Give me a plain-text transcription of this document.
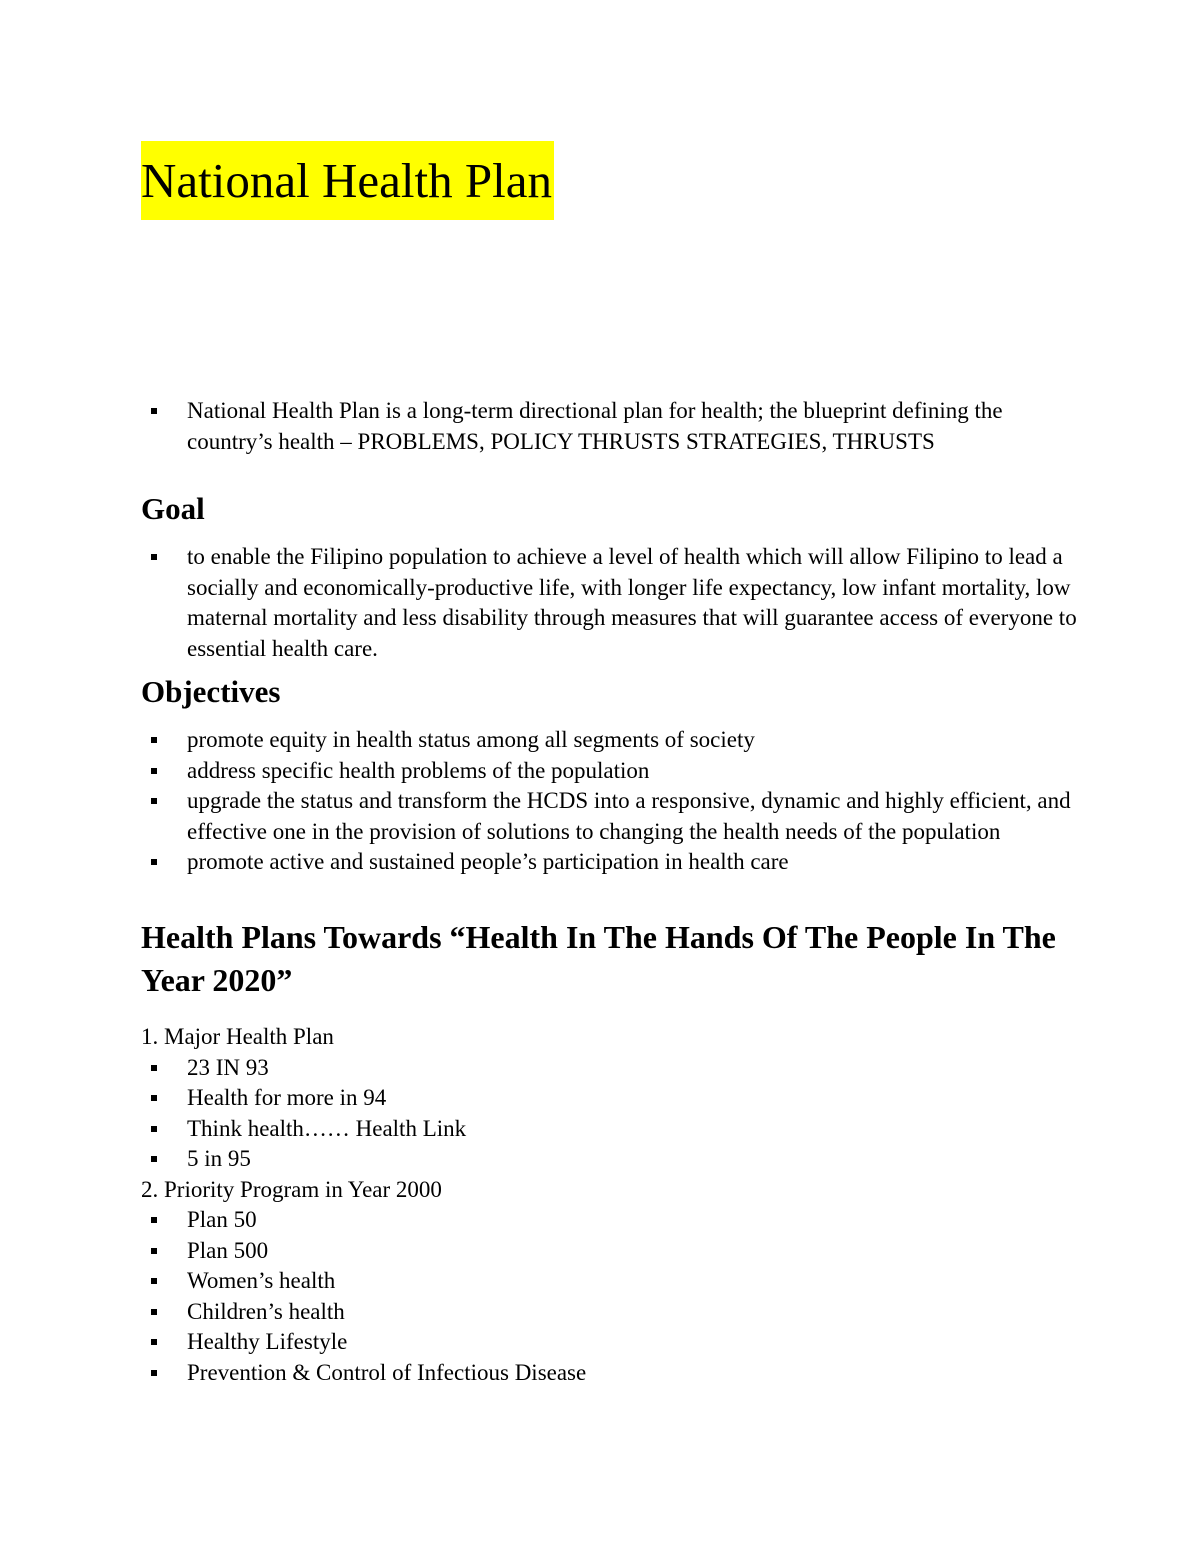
National Health Plan
National Health Plan is a long-term directional plan for health; the blueprint defining the country’s health – PROBLEMS, POLICY THRUSTS STRATEGIES, THRUSTS
Goal
to enable the Filipino population to achieve a level of health which will allow Filipino to lead a socially and economically-productive life, with longer life expectancy, low infant mortality, low maternal mortality and less disability through measures that will guarantee access of everyone to essential health care.
Objectives
promote equity in health status among all segments of society
address specific health problems of the population
upgrade the status and transform the HCDS into a responsive, dynamic and highly efficient, and effective one in the provision of solutions to changing the health needs of the population
promote active and sustained people’s participation in health care
Health Plans Towards “Health In The Hands Of The People In The Year 2020”

1. Major Health Plan

23 IN 93
Health for more in 94
Think health…… Health Link
5 in 95

2. Priority Program in Year 2000

Plan 50
Plan 500
Women’s health
Children’s health
Healthy Lifestyle
Prevention & Control of Infectious Disease
